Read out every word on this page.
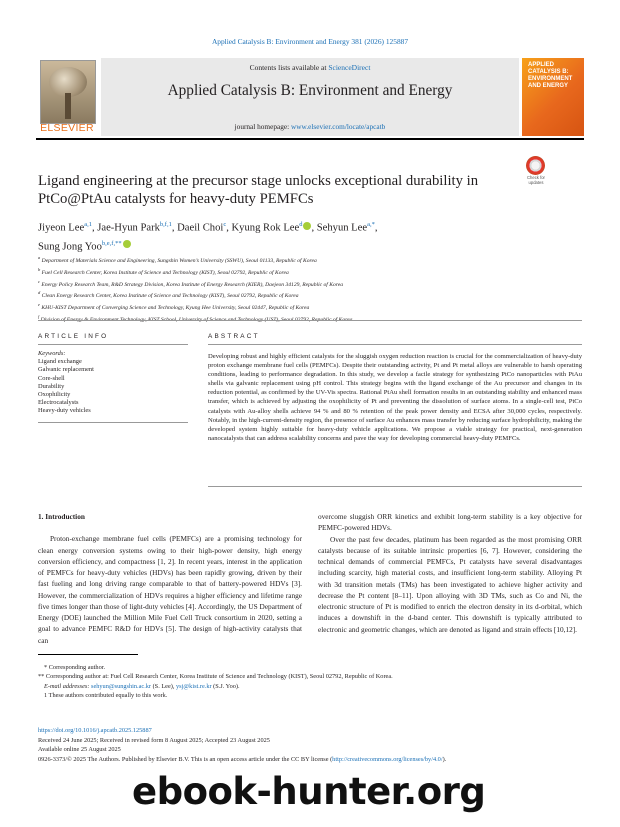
Applied Catalysis B: Environment and Energy 381 (2026) 125887
ELSEVIER
Contents lists available at ScienceDirect
Applied Catalysis B: Environment and Energy
journal homepage: www.elsevier.com/locate/apcatb
APPLIED
CATALYSIS B:
ENVIRONMENT
AND ENERGY
Ligand engineering at the precursor stage unlocks exceptional durability in
PtCo@PtAu catalysts for heavy-duty PEMFCs
Check for updates
Jiyeon Lee$^{a,1}$, Jae-Hyun Park$^{b,f,1}$, Daeil Choi$^c$, Kyung Rok Lee$^d$ , Sehyun Lee$^{a,*}$,
Sung Jong Yoo$^{b,e,f,**}$
$^a$ Department of Materials Science and Engineering, Sungshin Women’s University (SSWU), Seoul 01133, Republic of Korea
$^b$ Fuel Cell Research Center, Korea Institute of Science and Technology (KIST), Seoul 02792, Republic of Korea
$^c$ Energy Policy Research Team, R&D Strategy Division, Korea Institute of Energy Research (KIER), Daejeon 34129, Republic of Korea
$^d$ Clean Energy Research Center, Korea Institute of Science and Technology (KIST), Seoul 02792, Republic of Korea
$^e$ KHU-KIST Department of Converging Science and Technology, Kyung Hee University, Seoul 02447, Republic of Korea
$^f$
ARTICLE INFO
Keywords:
Ligand exchange
Galvanic replacement
Core-shell
Durability
Oxophilicity
Electrocatalysts
Heavy-duty vehicles
ABSTRACT
Developing robust and highly efficient catalysts for the sluggish oxygen reduction reaction is crucial for the commercialization of heavy-duty proton exchange membrane fuel cells (PEMFCs). Despite their outstanding activity, Pt and Pt metal alloys are vulnerable to harsh operating conditions, leading to performance degradation. In this study, we develop a facile strategy for synthesizing PtCo nanoparticles with PtAu shells via galvanic replacement using pH control. This strategy begins with the ligand exchange of the Au precursor and changes in its reduction potential, as confirmed by the UV-Vis spectra. Rational PtAu shell formation results in an outstanding stability and enhanced mass transfer, which is achieved by adjusting the oxophilicity of Pt and preventing the dissolution of surface atoms. In a single-cell test, PtCo catalysts with Au-alloy shells achieve 94 % and 80 % retention of the peak power density and ECSA after 30,000 cycles, respectively. Notably, in the high-current-density region, the presence of surface Au enhances mass transfer by reducing surface hydrophilicity, making the developed system highly suitable for heavy-duty vehicle applications. We propose a viable strategy for practical, next-generation nanocatalysts that can address scalability concerns and pave the way for developing commercial heavy-duty PEMFCs.
1. Introduction
Proton-exchange membrane fuel cells (PEMFCs) are a promising technology for clean energy conversion systems owing to their high-power density, high energy conversion efficiency, and compactness [1, 2]. In recent years, interest in the application of PEMFCs for heavy-duty vehicles (HDVs) has been rapidly growing, driven by their fast fueling and long driving range comparable to that of battery-powered HDVs [3]. However, the commercialization of HDVs requires a higher efficiency and lifetime range five times longer than those of light-duty vehicles [4]. Accordingly, the US Department of Energy (DOE) launched the Million Mile Fuel Cell Truck consortium in 2020, setting a goal to advance PEMFC R&D for HDVs [5]. The design of high-activity catalysts that can
overcome sluggish ORR kinetics and exhibit long-term stability is a key objective for PEMFC-powered HDVs.
Over the past few decades, platinum has been regarded as the most promising ORR catalysts because of its suitable intrinsic properties [6, 7]. However, considering the technical demands of commercial PEMFCs, Pt catalysts have several disadvantages including scarcity, high material costs, and insufficient long-term stability. Alloying Pt with 3d transition metals (TMs) has been investigated to achieve higher activity and decrease the Pt content [8–11]. Upon alloying with 3D TMs, such as Co and Ni, the electronic structure of Pt is modified to enrich the electron density in its d-orbital, which induces a downshift in the d-band center. This downshift is typically attributed to electronic and geometric changes, which are denoted as ligand and strain effects [10,12].
* Corresponding author.
** Corresponding author at: Fuel Cell Research Center, Korea Institute of Science and Technology (KIST), Seoul 02792, Republic of Korea.
E-mail addresses: sehyun@sungshin.ac.kr (S. Lee), ysj@kist.re.kr (S.J. Yoo).
1 These authors contributed equally to this work.
https://doi.org/10.1016/j.apcatb.2025.125887
Received 24 June 2025; Received in revised form 8 August 2025; Accepted 23 August 2025
Available online 25 August 2025
0926-3373/© 2025 The Authors. Published by Elsevier B.V. This is an open access article under the CC BY license (http://creativecommons.org/licenses/by/4.0/).
ebook-hunter.org
